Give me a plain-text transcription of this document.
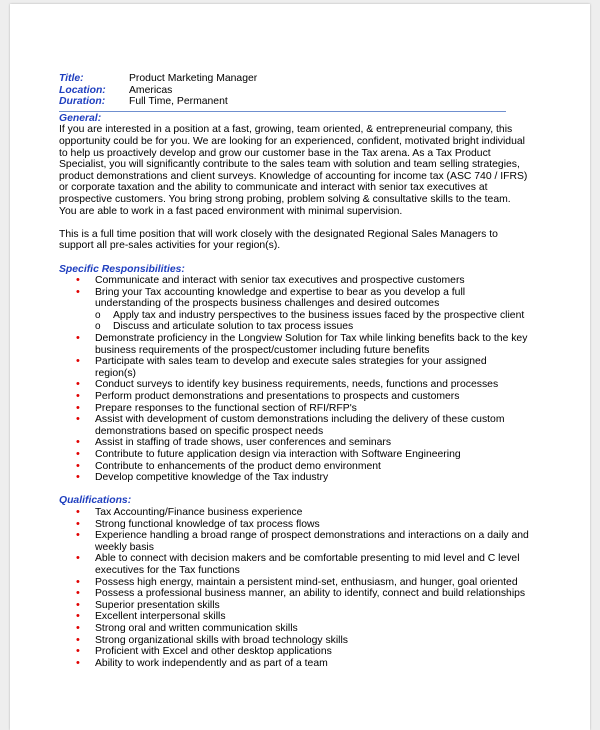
Title:	Product Marketing Manager
Location:	Americas
Duration:	Full Time, Permanent
General:

If you are interested in a position at a fast, growing, team oriented, & entrepreneurial company, this opportunity could be for you. We are looking for an experienced, confident, motivated bright individual to help us proactively develop and grow our customer base in the Tax arena. As a Tax Product Specialist, you will significantly contribute to the sales team with solution and team selling strategies, product demonstrations and client surveys. Knowledge of accounting for income tax (ASC 740 / IFRS) or corporate taxation and the ability to communicate and interact with senior tax executives at prospective customers. You bring strong probing, problem solving & consultative skills to the team. You are able to work in a fast paced environment with minimal supervision.

This is a full time position that will work closely with the designated Regional Sales Managers to support all pre-sales activities for your region(s).

Specific Responsibilities:
• Communicate and interact with senior tax executives and prospective customers
• Bring your Tax accounting knowledge and expertise to bear as you develop a full understanding of the prospects business challenges and desired outcomes
o Apply tax and industry perspectives to the business issues faced by the prospective client
o Discuss and articulate solution to tax process issues
• Demonstrate proficiency in the Longview Solution for Tax while linking benefits back to the key business requirements of the prospect/customer including future benefits
• Participate with sales team to develop and execute sales strategies for your assigned region(s)
• Conduct surveys to identify key business requirements, needs, functions and processes
• Perform product demonstrations and presentations to prospects and customers
• Prepare responses to the functional section of RFI/RFP's
• Assist with development of custom demonstrations including the delivery of these custom demonstrations based on specific prospect needs
• Assist in staffing of trade shows, user conferences and seminars
• Contribute to future application design via interaction with Software Engineering
• Contribute to enhancements of the product demo environment
• Develop competitive knowledge of the Tax industry
Qualifications:
• Tax Accounting/Finance business experience
• Strong functional knowledge of tax process flows
• Experience handling a broad range of prospect demonstrations and interactions on a daily and weekly basis
• Able to connect with decision makers and be comfortable presenting to mid level and C level executives for the Tax functions
• Possess high energy, maintain a persistent mind-set, enthusiasm, and hunger, goal oriented
• Possess a professional business manner, an ability to identify, connect and build relationships
• Superior presentation skills
• Excellent interpersonal skills
• Strong oral and written communication skills
• Strong organizational skills with broad technology skills
• Proficient with Excel and other desktop applications
• Ability to work independently and as part of a team
